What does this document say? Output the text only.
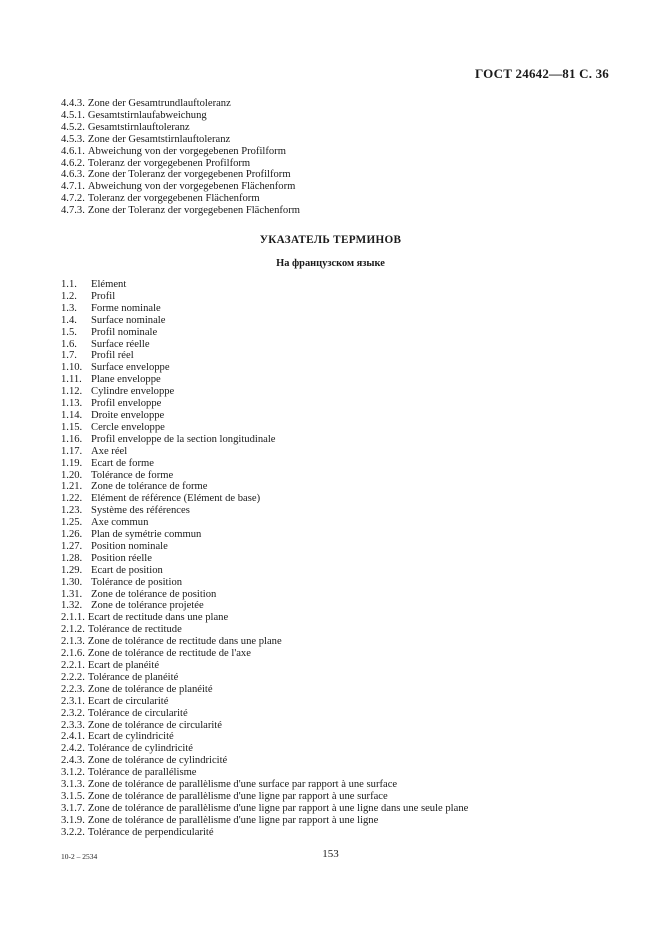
ГОСТ 24642—81 С. 36
4.4.3. Zone der Gesamtrundlauftoleranz
4.5.1. Gesamtstirnlaufabweichung
4.5.2. Gesamtstirnlauftoleranz
4.5.3. Zone der Gesamtstirnlauftoleranz
4.6.1. Abweichung von der vorgegebenen Profilform
4.6.2. Toleranz der vorgegebenen Profilform
4.6.3. Zone der Toleranz der vorgegebenen Profilform
4.7.1. Abweichung von der vorgegebenen Flächenform
4.7.2. Toleranz der vorgegebenen Flächenform
4.7.3. Zone der Toleranz der vorgegebenen Flächenform
УКАЗАТЕЛЬ ТЕРМИНОВ
На французском языке
1.1. Elément
1.2. Profil
1.3. Forme nominale
1.4. Surface nominale
1.5. Profil nominale
1.6. Surface réelle
1.7. Profil réel
1.10. Surface enveloppe
1.11. Plane enveloppe
1.12. Cylindre enveloppe
1.13. Profil enveloppe
1.14. Droite enveloppe
1.15. Cercle enveloppe
1.16. Profil enveloppe de la section longitudinale
1.17. Axe réel
1.19. Ecart de forme
1.20. Tolérance de forme
1.21. Zone de tolérance de forme
1.22. Elément de référence (Elément de base)
1.23. Système des références
1.25. Axe commun
1.26. Plan de symétrie commun
1.27. Position nominale
1.28. Position réelle
1.29. Ecart de position
1.30. Tolérance de position
1.31. Zone de tolérance de position
1.32. Zone de tolérance projetée
2.1.1. Ecart de rectitude dans une plane
2.1.2. Tolérance de rectitude
2.1.3. Zone de tolérance de rectitude dans une plane
2.1.6. Zone de tolérance de rectitude de l'axe
2.2.1. Ecart de planéité
2.2.2. Tolérance de planéité
2.2.3. Zone de tolérance de planéité
2.3.1. Ecart de circularité
2.3.2. Tolérance de circularité
2.3.3. Zone de tolérance de circularité
2.4.1. Ecart de cylindricité
2.4.2. Tolérance de cylindricité
2.4.3. Zone de tolérance de cylindricité
3.1.2. Tolérance de parallélisme
3.1.3. Zone de tolérance de parallèlisme d'une surface par rapport à une surface
3.1.5. Zone de tolérance de parallèlisme d'une ligne par rapport à une surface
3.1.7. Zone de tolérance de parallèlisme d'une ligne par rapport à une ligne dans une seule plane
3.1.9. Zone de tolérance de parallèlisme d'une ligne par rapport à une ligne
3.2.2. Tolérance de perpendicularité
10-2 – 2534	153
